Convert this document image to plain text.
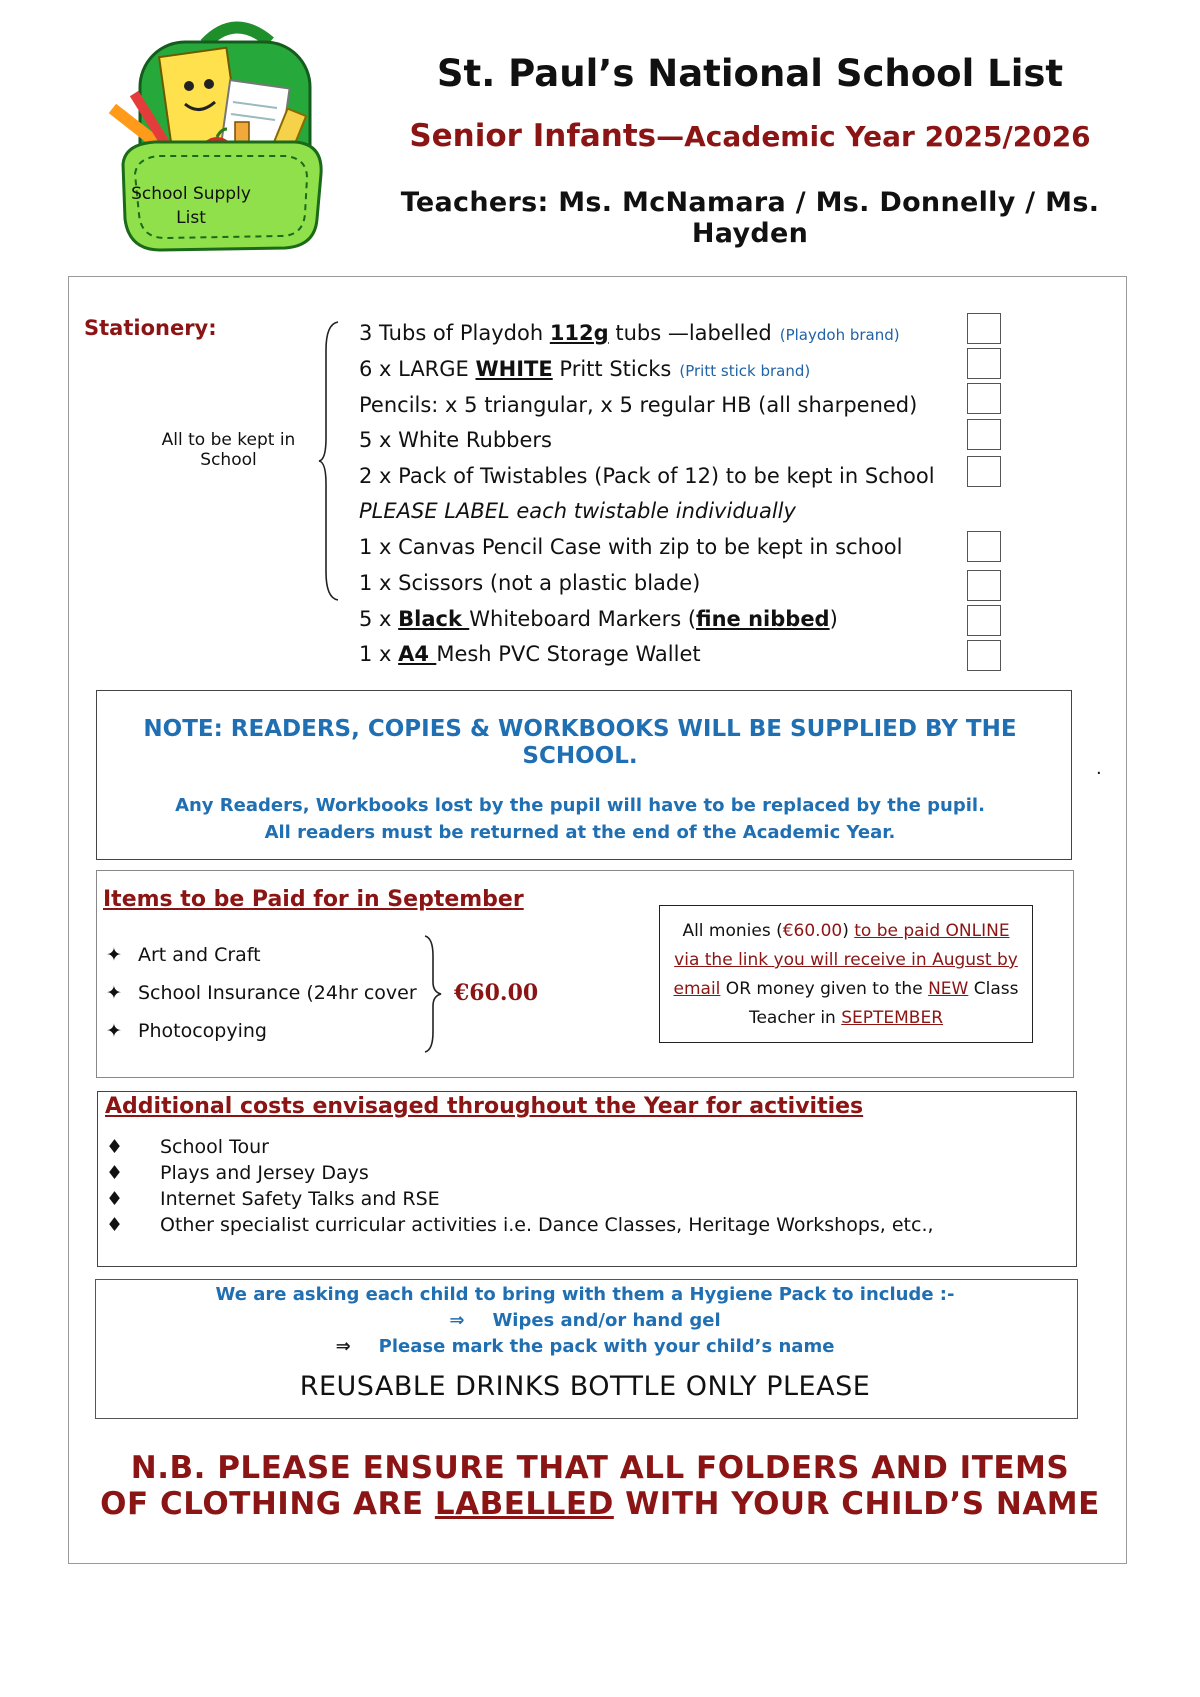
School Supply
List
St. Paul’s National School List
Senior Infants—Academic Year 2025/2026
Teachers: Ms. McNamara / Ms. Donnelly / Ms. Hayden
Stationery:
All to be kept in School
3 Tubs of Playdoh 112g tubs —labelled (Playdoh brand)
6 x LARGE WHITE Pritt Sticks (Pritt stick brand)
Pencils: x 5 triangular, x 5 regular HB (all sharpened)
5 x White Rubbers
2 x Pack of Twistables (Pack of 12) to be kept in School
PLEASE LABEL each twistable individually
1 x Canvas Pencil Case with zip to be kept in school
1 x Scissors (not a plastic blade)
5 x Black Whiteboard Markers (fine nibbed)
1 x A4 Mesh PVC Storage Wallet
NOTE: READERS, COPIES & WORKBOOKS WILL BE SUPPLIED BY THE SCHOOL.
Any Readers, Workbooks lost by the pupil will have to be replaced by the pupil.
All readers must be returned at the end of the Academic Year.
.
Items to be Paid for in September
✦ Art and Craft
✦ School Insurance (24hr cover
✦ Photocopying
€60.00
All monies (€60.00) to be paid ONLINE
via the link you will receive in August by
email OR money given to the NEW Class
Teacher in SEPTEMBER
Additional costs envisaged throughout the Year for activities
♦ School Tour
♦ Plays and Jersey Days
♦ Internet Safety Talks and RSE
♦ Other specialist curricular activities i.e. Dance Classes, Heritage Workshops, etc.,
We are asking each child to bring with them a Hygiene Pack to include :-
⇒ Wipes and/or hand gel
⇒ Please mark the pack with your child’s name
REUSABLE DRINKS BOTTLE ONLY PLEASE
N.B. PLEASE ENSURE THAT ALL FOLDERS AND ITEMS
OF CLOTHING ARE LABELLED WITH YOUR CHILD’S NAME
